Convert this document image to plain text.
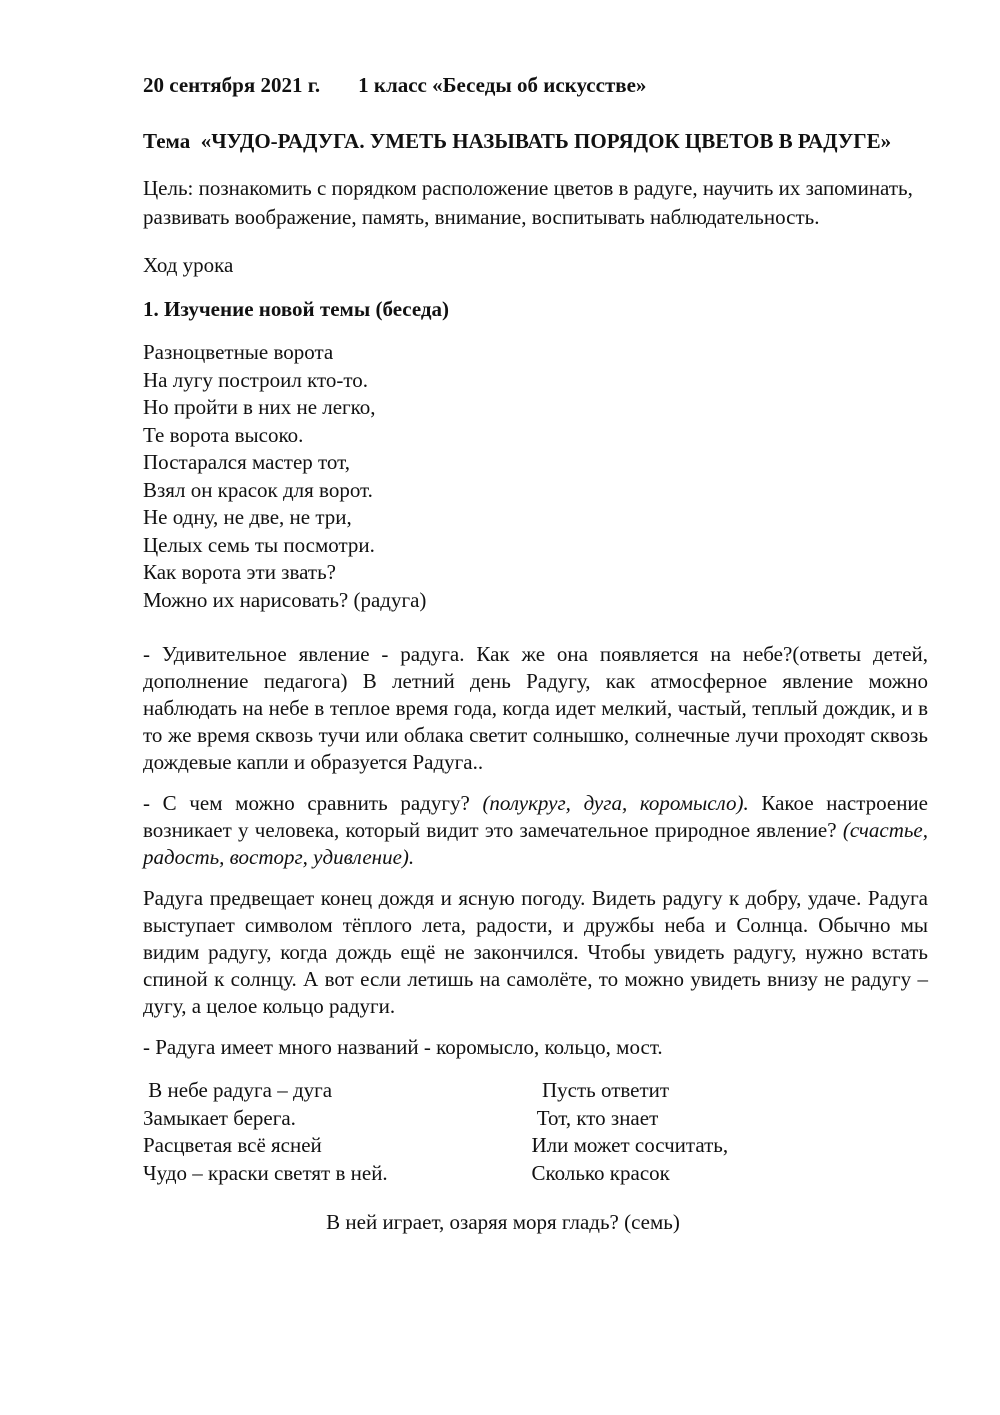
20 сентября 2021 г. 1 класс «Беседы об искусстве»
Тема «ЧУДО-РАДУГА. УМЕТЬ НАЗЫВАТЬ ПОРЯДОК ЦВЕТОВ В РАДУГЕ»
Цель: познакомить с порядком расположение цветов в радуге, научить их запоминать, развивать воображение, память, внимание, воспитывать наблюдательность.
Ход урока
1. Изучение новой темы (беседа)
Разноцветные ворота
На лугу построил кто-то.
Но пройти в них не легко,
Те ворота высоко.
Постарался мастер тот,
Взял он красок для ворот.
Не одну, не две, не три,
Целых семь ты посмотри.
Как ворота эти звать?
Можно их нарисовать? (радуга)
- Удивительное явление - радуга. Как же она появляется на небе?(ответы детей, дополнение педагога) В летний день Радугу, как атмосферное явление можно наблюдать на небе в теплое время года, когда идет мелкий, частый, теплый дождик, и в то же время сквозь тучи или облака светит солнышко, солнечные лучи проходят сквозь дождевые капли и образуется Радуга..
- С чем можно сравнить радугу? (полукруг, дуга, коромысло). Какое настроение возникает у человека, который видит это замечательное природное явление? (счастье, радость, восторг, удивление).
Радуга предвещает конец дождя и ясную погоду. Видеть радугу к добру, удаче. Радуга выступает символом тёплого лета, радости, и дружбы неба и Солнца. Обычно мы видим радугу, когда дождь ещё не закончился. Чтобы увидеть радугу, нужно встать спиной к солнцу. А вот если летишь на самолёте, то можно увидеть внизу не радугу – дугу, а целое кольцо радуги.
- Радуга имеет много названий - коромысло, кольцо, мост.
В небе радуга – дуга
Замыкает берега.
Расцветая всё ясней
Чудо – краски светят в ней.
Пусть ответит
Тот, кто знает
Или может сосчитать,
Сколько красок
В ней играет, озаряя моря гладь? (семь)
